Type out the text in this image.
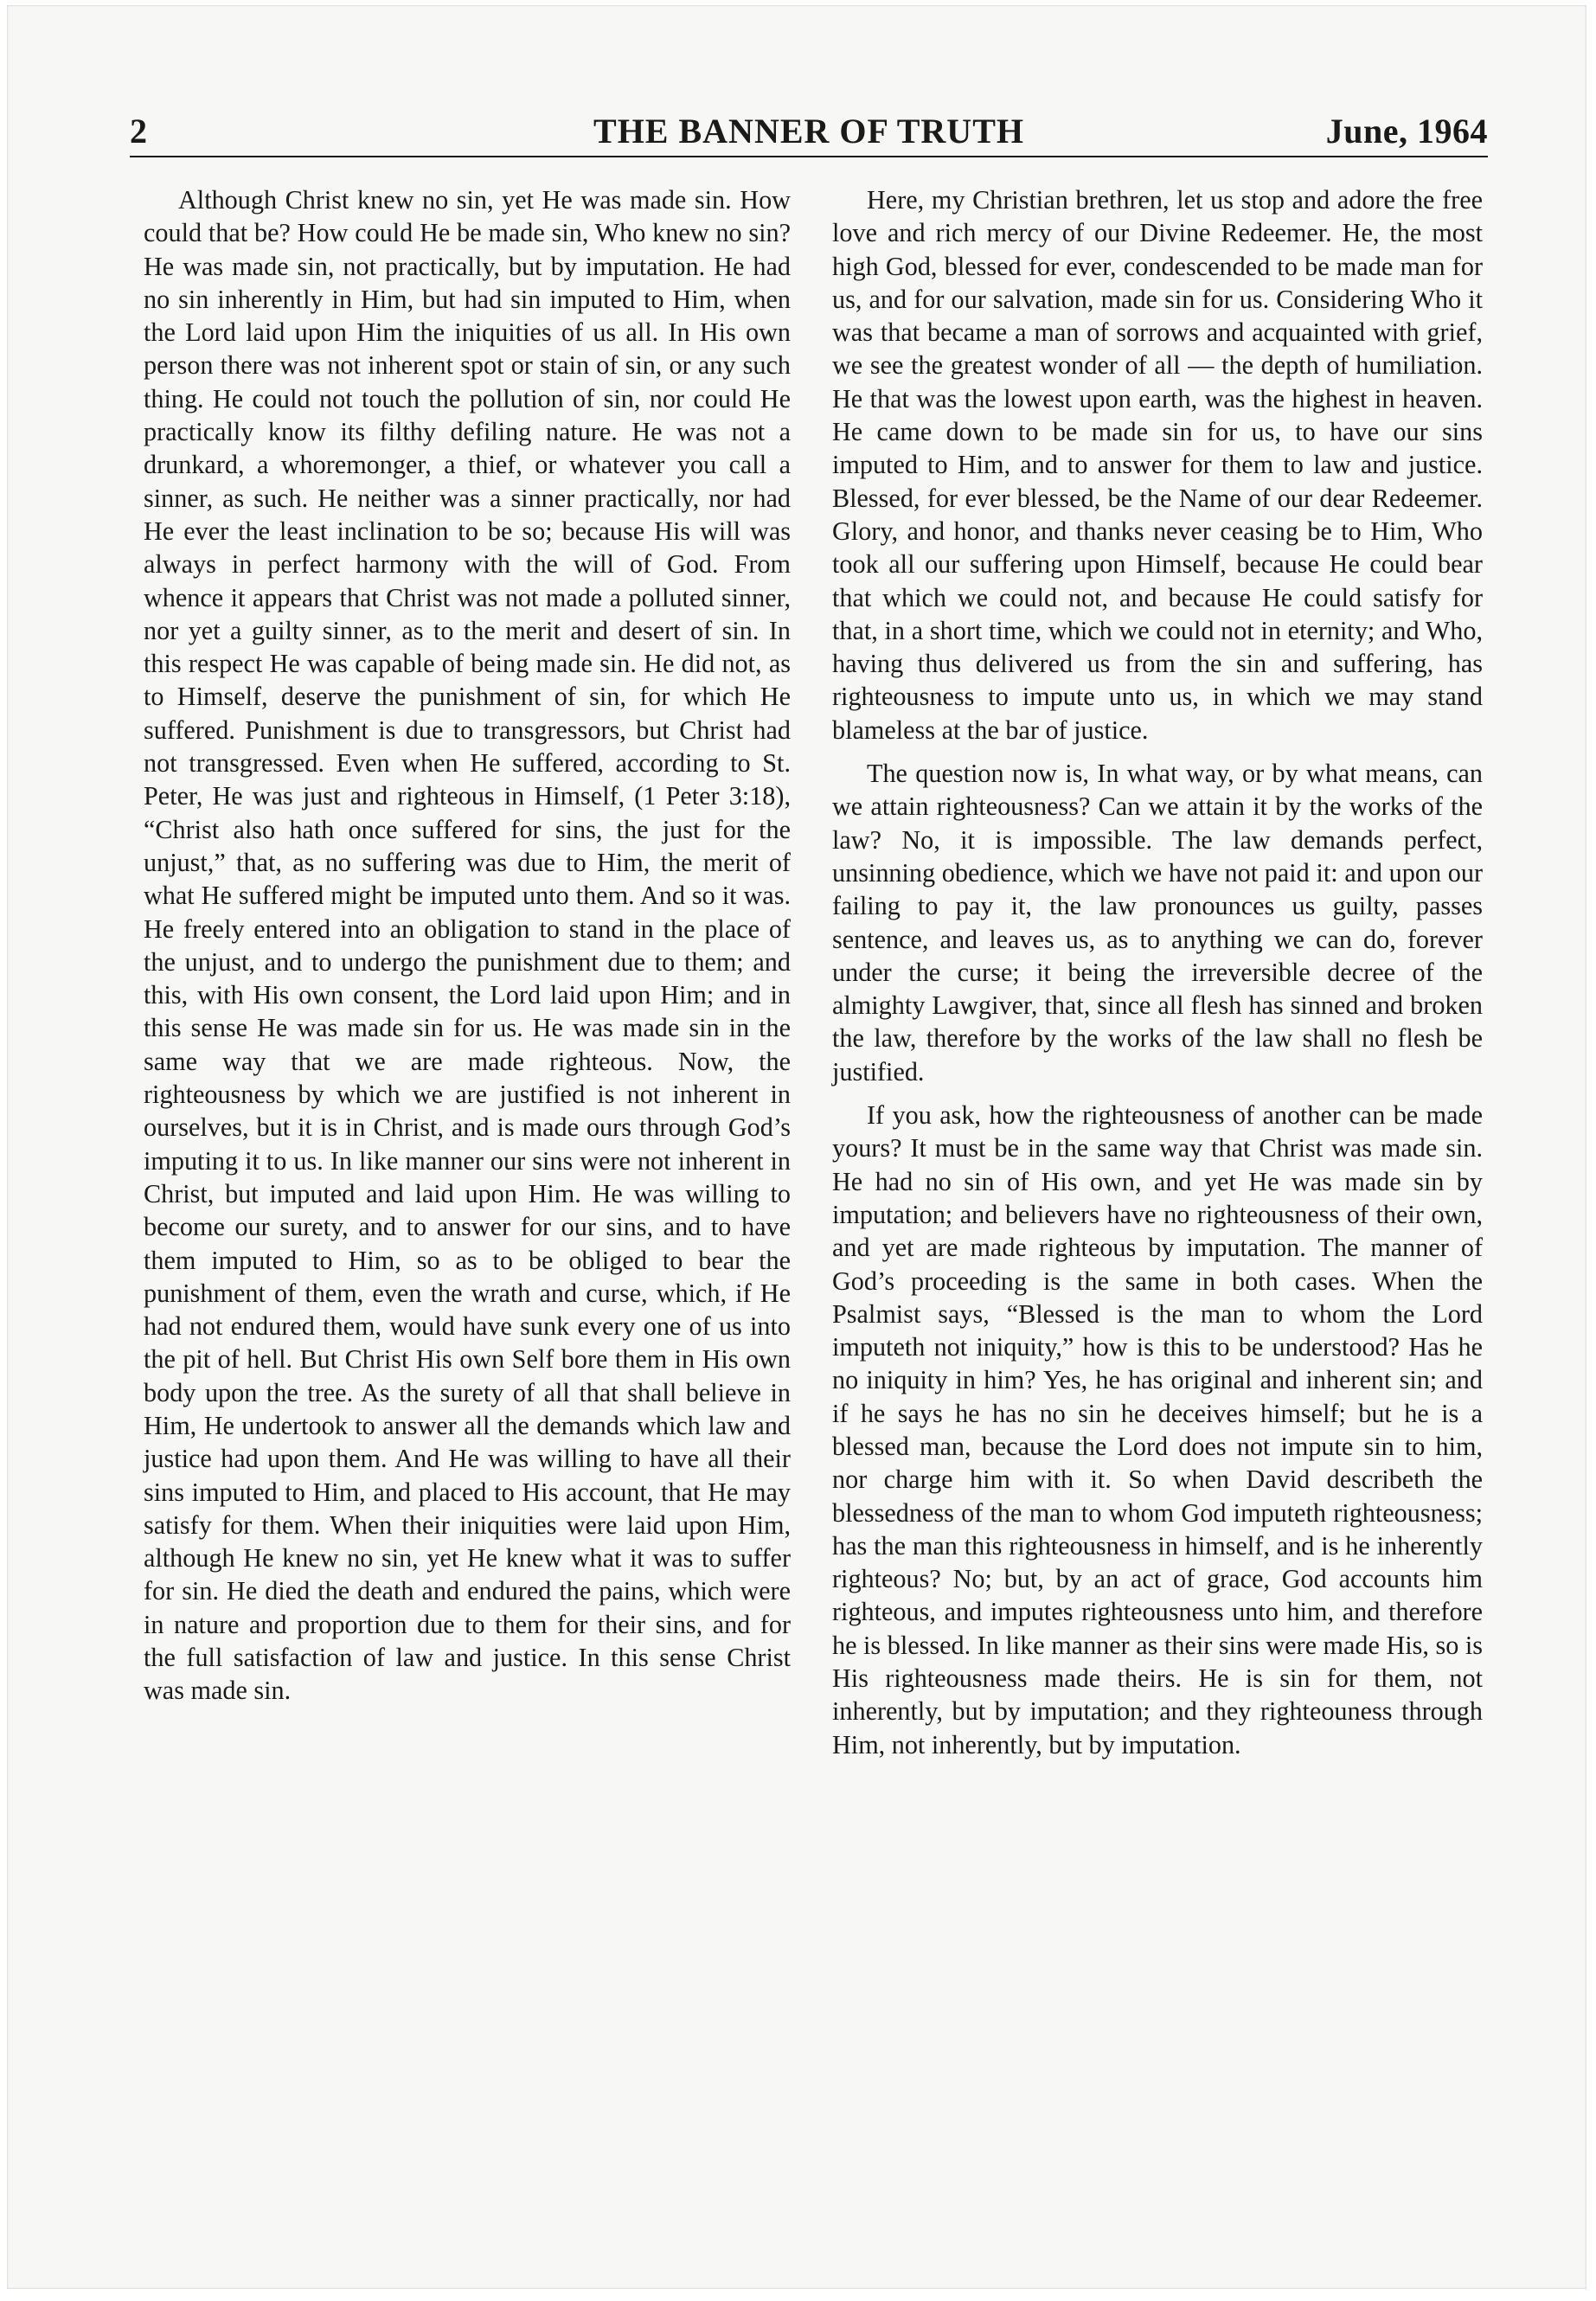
2	THE BANNER OF TRUTH	June, 1964

Although Christ knew no sin, yet He was made sin. How could that be? How could He be made sin, Who knew no sin? He was made sin, not practically, but by imputation. He had no sin inherently in Him, but had sin imputed to Him, when the Lord laid upon Him the iniquities of us all. In His own person there was not inherent spot or stain of sin, or any such thing. He could not touch the pollution of sin, nor could He practically know its filthy defiling nature. He was not a drunkard, a whoremonger, a thief, or whatever you call a sinner, as such. He neither was a sinner practically, nor had He ever the least inclination to be so; because His will was always in perfect harmony with the will of God. From whence it appears that Christ was not made a polluted sinner, nor yet a guilty sinner, as to the merit and desert of sin. In this respect He was capable of being made sin. He did not, as to Himself, deserve the punishment of sin, for which He suffered. Punishment is due to transgressors, but Christ had not transgressed. Even when He suffered, according to St. Peter, He was just and righteous in Himself, (1 Peter 3:18), “Christ also hath once suffered for sins, the just for the unjust,” that, as no suffering was due to Him, the merit of what He suffered might be imputed unto them. And so it was. He freely entered into an obligation to stand in the place of the unjust, and to undergo the punishment due to them; and this, with His own consent, the Lord laid upon Him; and in this sense He was made sin for us. He was made sin in the same way that we are made righteous. Now, the righteousness by which we are justified is not inherent in ourselves, but it is in Christ, and is made ours through God’s imputing it to us. In like manner our sins were not inherent in Christ, but imputed and laid upon Him. He was willing to become our surety, and to answer for our sins, and to have them imputed to Him, so as to be obliged to bear the punishment of them, even the wrath and curse, which, if He had not endured them, would have sunk every one of us into the pit of hell. But Christ His own Self bore them in His own body upon the tree. As the surety of all that shall believe in Him, He undertook to answer all the demands which law and justice had upon them. And He was willing to have all their sins imputed to Him, and placed to His account, that He may satisfy for them. When their iniquities were laid upon Him, although He knew no sin, yet He knew what it was to suffer for sin. He died the death and endured the pains, which were in nature and proportion due to them for their sins, and for the full satisfaction of law and justice. In this sense Christ was made sin.

Here, my Christian brethren, let us stop and adore the free love and rich mercy of our Divine Redeemer. He, the most high God, blessed for ever, condescended to be made man for us, and for our salvation, made sin for us. Considering Who it was that became a man of sorrows and acquainted with grief, we see the greatest wonder of all — the depth of humiliation. He that was the lowest upon earth, was the highest in heaven. He came down to be made sin for us, to have our sins imputed to Him, and to answer for them to law and justice. Blessed, for ever blessed, be the Name of our dear Redeemer. Glory, and honor, and thanks never ceasing be to Him, Who took all our suffering upon Himself, because He could bear that which we could not, and because He could satisfy for that, in a short time, which we could not in eternity; and Who, having thus delivered us from the sin and suffering, has righteousness to impute unto us, in which we may stand blameless at the bar of justice.

The question now is, In what way, or by what means, can we attain righteousness? Can we attain it by the works of the law? No, it is impossible. The law demands perfect, unsinning obedience, which we have not paid it: and upon our failing to pay it, the law pronounces us guilty, passes sentence, and leaves us, as to anything we can do, forever under the curse; it being the irreversible decree of the almighty Lawgiver, that, since all flesh has sinned and broken the law, therefore by the works of the law shall no flesh be justified.

If you ask, how the righteousness of another can be made yours? It must be in the same way that Christ was made sin. He had no sin of His own, and yet He was made sin by imputation; and believers have no righteousness of their own, and yet are made righteous by imputation. The manner of God’s proceeding is the same in both cases. When the Psalmist says, “Blessed is the man to whom the Lord imputeth not iniquity,” how is this to be understood? Has he no iniquity in him? Yes, he has original and inherent sin; and if he says he has no sin he deceives himself; but he is a blessed man, because the Lord does not impute sin to him, nor charge him with it. So when David describeth the blessedness of the man to whom God imputeth righteousness; has the man this righteousness in himself, and is he inherently righteous? No; but, by an act of grace, God accounts him righteous, and imputes righteousness unto him, and therefore he is blessed. In like manner as their sins were made His, so is His righteousness made theirs. He is sin for them, not inherently, but by imputation; and they righteouness through Him, not inherently, but by imputation.
